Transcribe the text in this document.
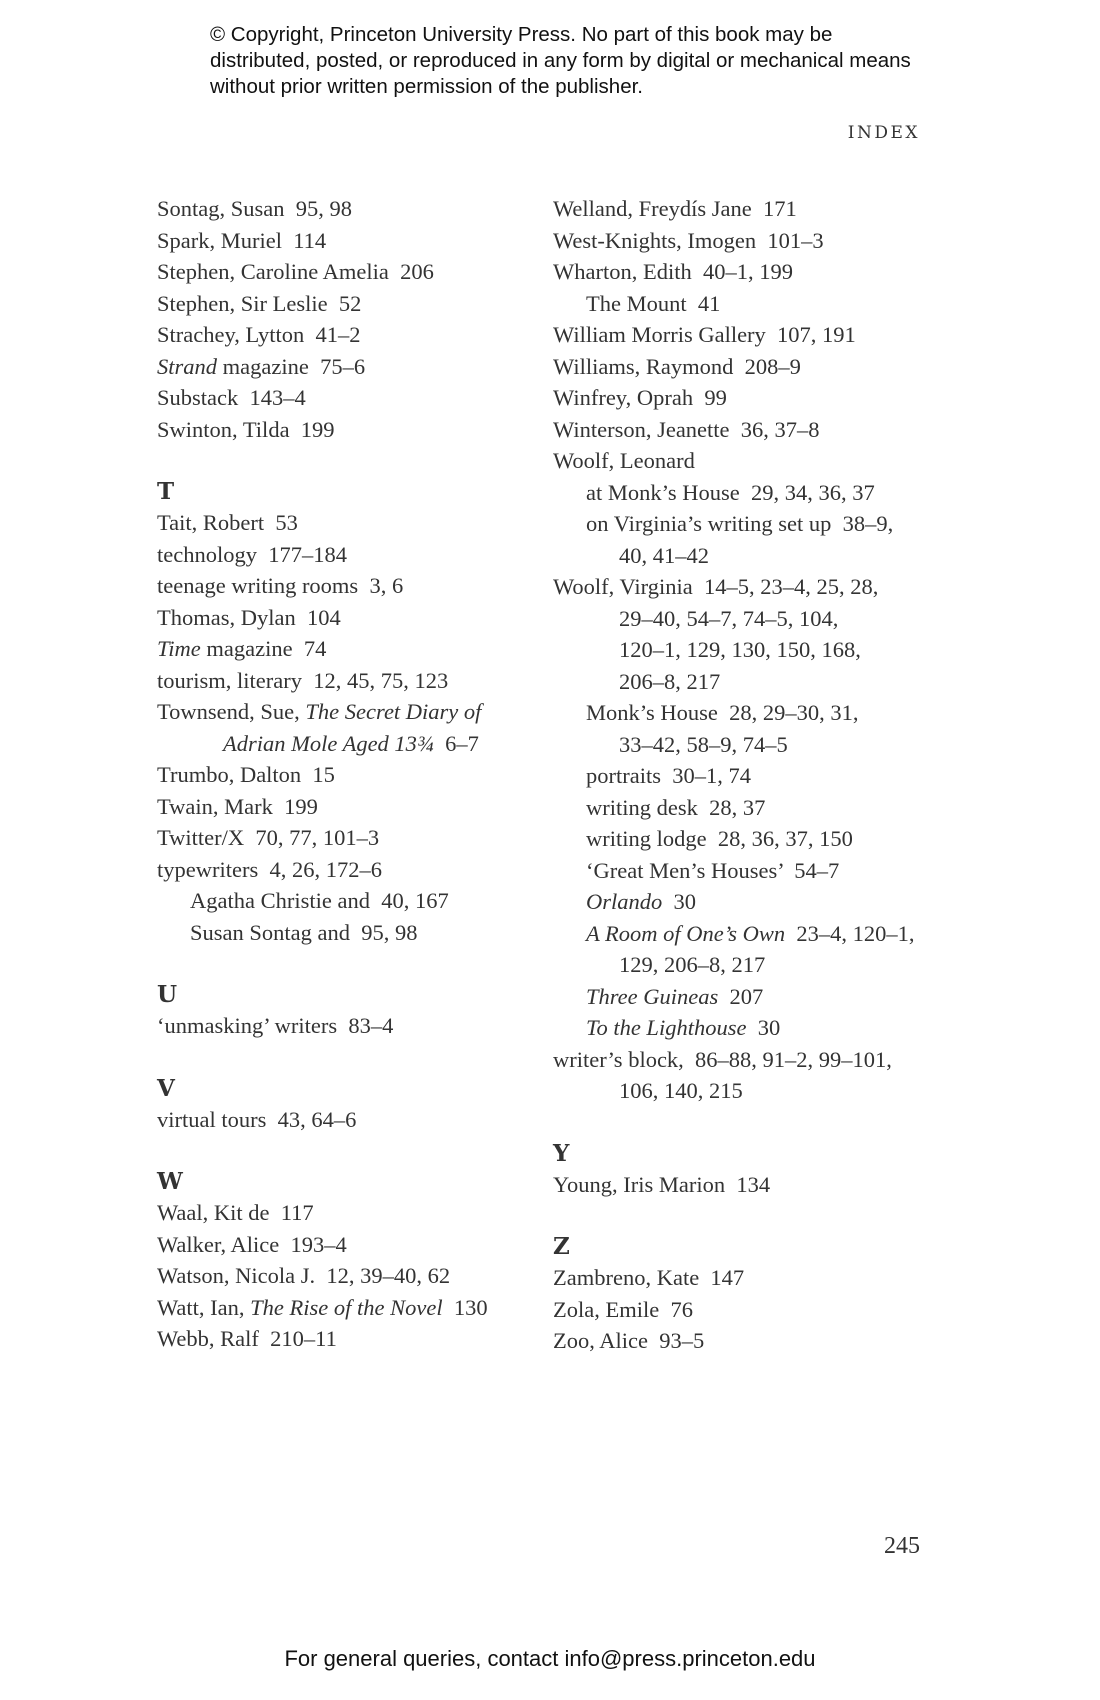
© Copyright, Princeton University Press. No part of this book may be distributed, posted, or reproduced in any form by digital or mechanical means without prior written permission of the publisher.
INDEX
Sontag, Susan  95, 98
Spark, Muriel  114
Stephen, Caroline Amelia  206
Stephen, Sir Leslie  52
Strachey, Lytton  41–2
Strand magazine  75–6
Substack  143–4
Swinton, Tilda  199
T
Tait, Robert  53
technology  177–184
teenage writing rooms  3, 6
Thomas, Dylan  104
Time magazine  74
tourism, literary  12, 45, 75, 123
Townsend, Sue, The Secret Diary of
Adrian Mole Aged 13¾  6–7
Trumbo, Dalton  15
Twain, Mark  199
Twitter/X  70, 77, 101–3
typewriters  4, 26, 172–6
Agatha Christie and  40, 167
Susan Sontag and  95, 98
U
‘unmasking’ writers  83–4
V
virtual tours  43, 64–6
W
Waal, Kit de  117
Walker, Alice  193–4
Watson, Nicola J.  12, 39–40, 62
Watt, Ian, The Rise of the Novel  130
Webb, Ralf  210–11
Welland, Freydís Jane  171
West-Knights, Imogen  101–3
Wharton, Edith  40–1, 199
The Mount  41
William Morris Gallery  107, 191
Williams, Raymond  208–9
Winfrey, Oprah  99
Winterson, Jeanette  36, 37–8
Woolf, Leonard
at Monk’s House  29, 34, 36, 37
on Virginia’s writing set up  38–9,
40, 41–42
Woolf, Virginia  14–5, 23–4, 25, 28,
29–40, 54–7, 74–5, 104,
120–1, 129, 130, 150, 168,
206–8, 217
Monk’s House  28, 29–30, 31,
33–42, 58–9, 74–5
portraits  30–1, 74
writing desk  28, 37
writing lodge  28, 36, 37, 150
‘Great Men’s Houses’  54–7
Orlando  30
A Room of One’s Own  23–4, 120–1,
129, 206–8, 217
Three Guineas  207
To the Lighthouse  30
writer’s block,  86–88, 91–2, 99–101,
106, 140, 215
Y
Young, Iris Marion  134
Z
Zambreno, Kate  147
Zola, Emile  76
Zoo, Alice  93–5
245
For general queries, contact info@press.princeton.edu
